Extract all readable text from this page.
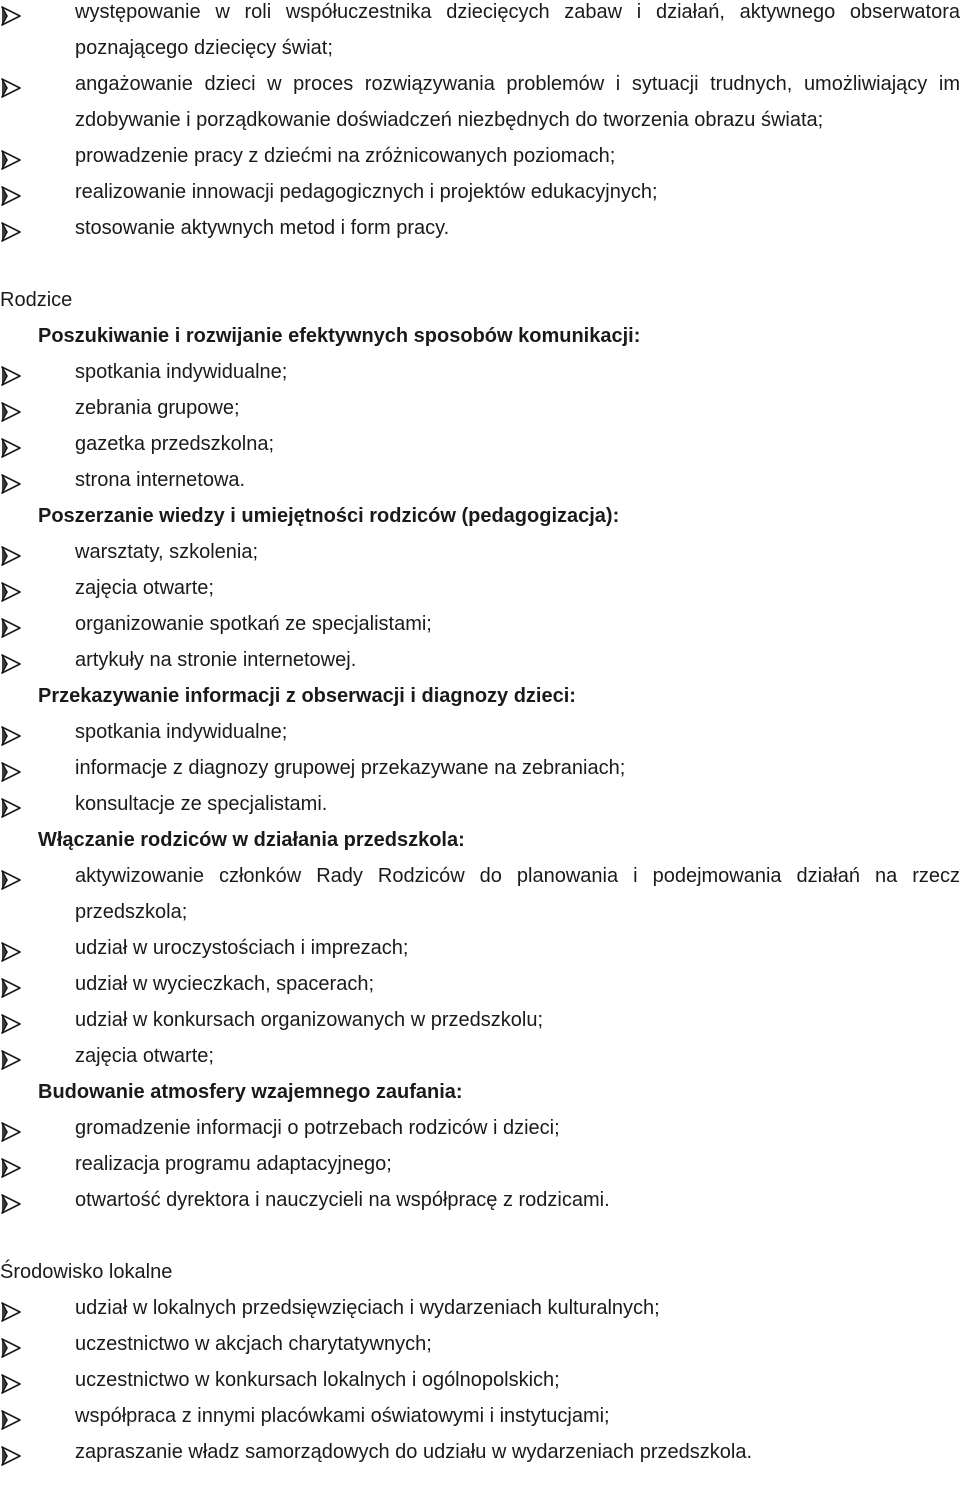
występowanie w roli współuczestnika dziecięcych zabaw i działań, aktywnego obserwatora poznającego dziecięcy świat;
angażowanie dzieci w proces rozwiązywania problemów i sytuacji trudnych, umożliwiający im zdobywanie i porządkowanie doświadczeń niezbędnych do tworzenia obrazu świata;
prowadzenie pracy z dziećmi na zróżnicowanych poziomach;
realizowanie innowacji pedagogicznych i projektów edukacyjnych;
stosowanie aktywnych metod i form pracy.
Rodzice
Poszukiwanie i rozwijanie efektywnych sposobów komunikacji:
spotkania indywidualne;
zebrania grupowe;
gazetka przedszkolna;
strona internetowa.
Poszerzanie wiedzy i umiejętności rodziców (pedagogizacja):
warsztaty, szkolenia;
zajęcia otwarte;
organizowanie spotkań ze specjalistami;
artykuły na stronie internetowej.
Przekazywanie informacji z obserwacji i diagnozy dzieci:
spotkania indywidualne;
informacje z diagnozy grupowej przekazywane na zebraniach;
konsultacje ze specjalistami.
Włączanie rodziców w działania przedszkola:
aktywizowanie członków Rady Rodziców do planowania i podejmowania działań na rzecz przedszkola;
udział w uroczystościach i imprezach;
udział w wycieczkach, spacerach;
udział w konkursach organizowanych w przedszkolu;
zajęcia otwarte;
Budowanie atmosfery wzajemnego zaufania:
gromadzenie informacji o potrzebach rodziców i dzieci;
realizacja programu adaptacyjnego;
otwartość dyrektora i nauczycieli na współpracę z rodzicami.
Środowisko lokalne
udział w lokalnych przedsięwzięciach i wydarzeniach kulturalnych;
uczestnictwo w akcjach charytatywnych;
uczestnictwo w konkursach lokalnych i ogólnopolskich;
współpraca z innymi placówkami oświatowymi i instytucjami;
zapraszanie władz samorządowych do udziału w wydarzeniach przedszkola.
